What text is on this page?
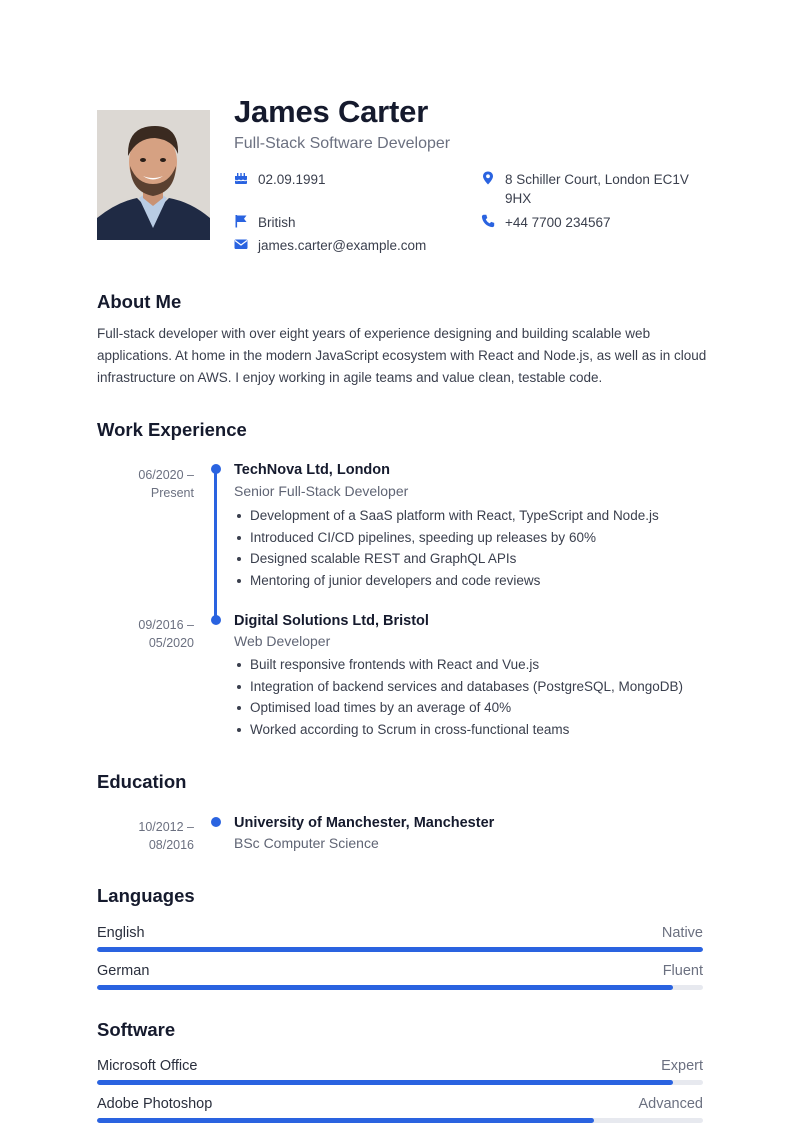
James Carter
Full-Stack Software Developer
02.09.1991
British
james.carter@example.com
8 Schiller Court, London EC1V 9HX
+44 7700 234567
About Me
Full-stack developer with over eight years of experience designing and building scalable web applications. At home in the modern JavaScript ecosystem with React and Node.js, as well as in cloud infrastructure on AWS. I enjoy working in agile teams and value clean, testable code.
Work Experience
06/2020 –
Present
TechNova Ltd, London
Senior Full-Stack Developer
Development of a SaaS platform with React, TypeScript and Node.js
Introduced CI/CD pipelines, speeding up releases by 60%
Designed scalable REST and GraphQL APIs
Mentoring of junior developers and code reviews
09/2016 –
05/2020
Digital Solutions Ltd, Bristol
Web Developer
Built responsive frontends with React and Vue.js
Integration of backend services and databases (PostgreSQL, MongoDB)
Optimised load times by an average of 40%
Worked according to Scrum in cross-functional teams
Education
10/2012 –
08/2016
University of Manchester, Manchester
BSc Computer Science
Languages
English	Native
German	Fluent
Software
Microsoft Office	Expert
Adobe Photoshop	Advanced
